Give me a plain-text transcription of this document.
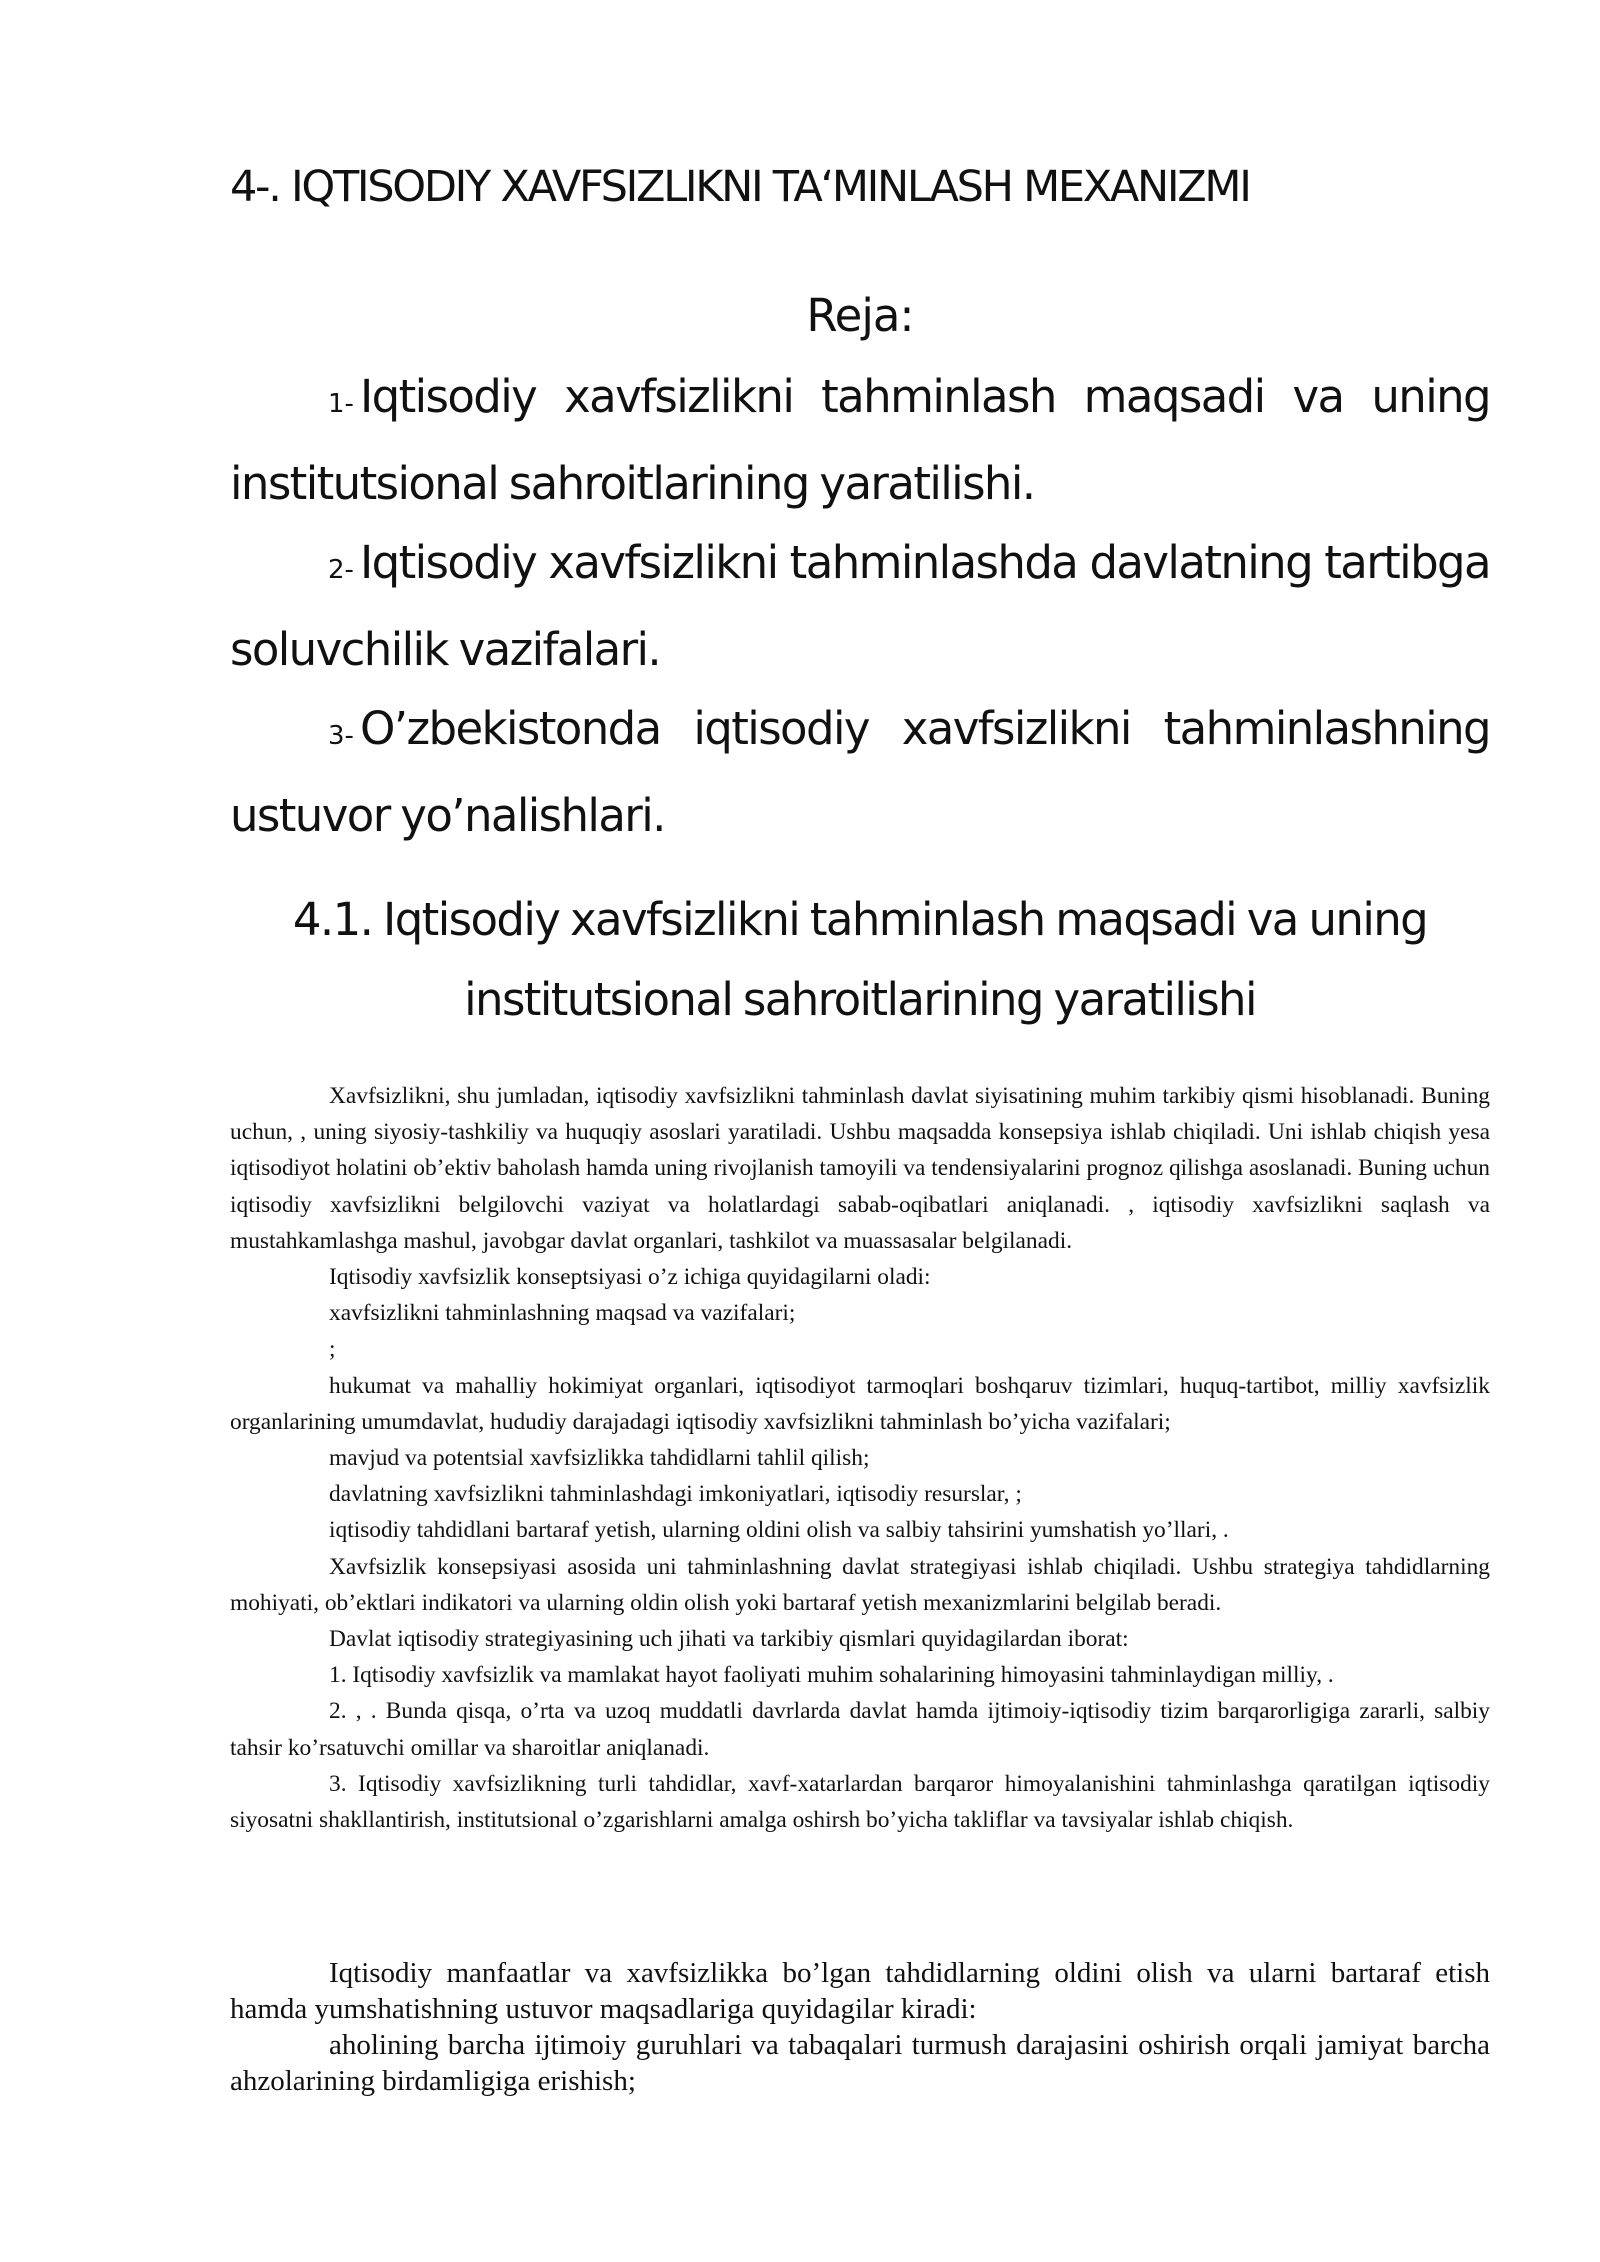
4-. IQTISODIY XAVFSIZLIKNI TA‘MINLASH MEXANIZMI
Reja:

1- Iqtisodiy xavfsizlikni tahminlash maqsadi va uning institutsional sahroitlarining yaratilishi.

2- Iqtisodiy xavfsizlikni tahminlashda davlatning tartibga soluvchilik vazifalari.

3- O’zbekistonda iqtisodiy xavfsizlikni tahminlashning ustuvor yo’nalishlari.

4.1. Iqtisodiy xavfsizlikni tahminlash maqsadi va uning institutsional sahroitlarining yaratilishi

Xavfsizlikni, shu jumladan, iqtisodiy xavfsizlikni tahminlash davlat siyisatining muhim tarkibiy qismi hisoblanadi. Buning uchun, , uning siyosiy-tashkiliy va huquqiy asoslari yaratiladi. Ushbu maqsadda konsepsiya ishlab chiqiladi. Uni ishlab chiqish yesa iqtisodiyot holatini ob’ektiv baholash hamda uning rivojlanish tamoyili va tendensiyalarini prognoz qilishga asoslanadi. Buning uchun iqtisodiy xavfsizlikni belgilovchi vaziyat va holatlardagi sabab-oqibatlari aniqlanadi. , iqtisodiy xavfsizlikni saqlash va mustahkamlashga mashul, javobgar davlat organlari, tashkilot va muassasalar belgilanadi.

Iqtisodiy xavfsizlik konseptsiyasi o’z ichiga quyidagilarni oladi:

xavfsizlikni tahminlashning maqsad va vazifalari;

;

hukumat va mahalliy hokimiyat organlari, iqtisodiyot tarmoqlari boshqaruv tizimlari, huquq-tartibot, milliy xavfsizlik organlarining umumdavlat, hududiy darajadagi iqtisodiy xavfsizlikni tahminlash bo’yicha vazifalari;

mavjud va potentsial xavfsizlikka tahdidlarni tahlil qilish;

davlatning xavfsizlikni tahminlashdagi imkoniyatlari, iqtisodiy resurslar, ;

iqtisodiy tahdidlani bartaraf yetish, ularning oldini olish va salbiy tahsirini yumshatish yo’llari, .

Xavfsizlik konsepsiyasi asosida uni tahminlashning davlat strategiyasi ishlab chiqiladi. Ushbu strategiya tahdidlarning mohiyati, ob’ektlari indikatori va ularning oldin olish yoki bartaraf yetish mexanizmlarini belgilab beradi.

Davlat iqtisodiy strategiyasining uch jihati va tarkibiy qismlari quyidagilardan iborat:

1. Iqtisodiy xavfsizlik va mamlakat hayot faoliyati muhim sohalarining himoyasini tahminlaydigan milliy, .

2. , . Bunda qisqa, o’rta va uzoq muddatli davrlarda davlat hamda ijtimoiy-iqtisodiy tizim barqarorligiga zararli, salbiy tahsir ko’rsatuvchi omillar va sharoitlar aniqlanadi.

3. Iqtisodiy xavfsizlikning turli tahdidlar, xavf-xatarlardan barqaror himoyalanishini tahminlashga qaratilgan iqtisodiy siyosatni shakllantirish, institutsional o’zgarishlarni amalga oshirsh bo’yicha takliflar va tavsiyalar ishlab chiqish.

Iqtisodiy manfaatlar va xavfsizlikka bo’lgan tahdidlarning oldini olish va ularni bartaraf etish hamda yumshatishning ustuvor maqsadlariga quyidagilar kiradi:

aholining barcha ijtimoiy guruhlari va tabaqalari turmush darajasini oshirish orqali jamiyat barcha ahzolarining birdamligiga erishish;
